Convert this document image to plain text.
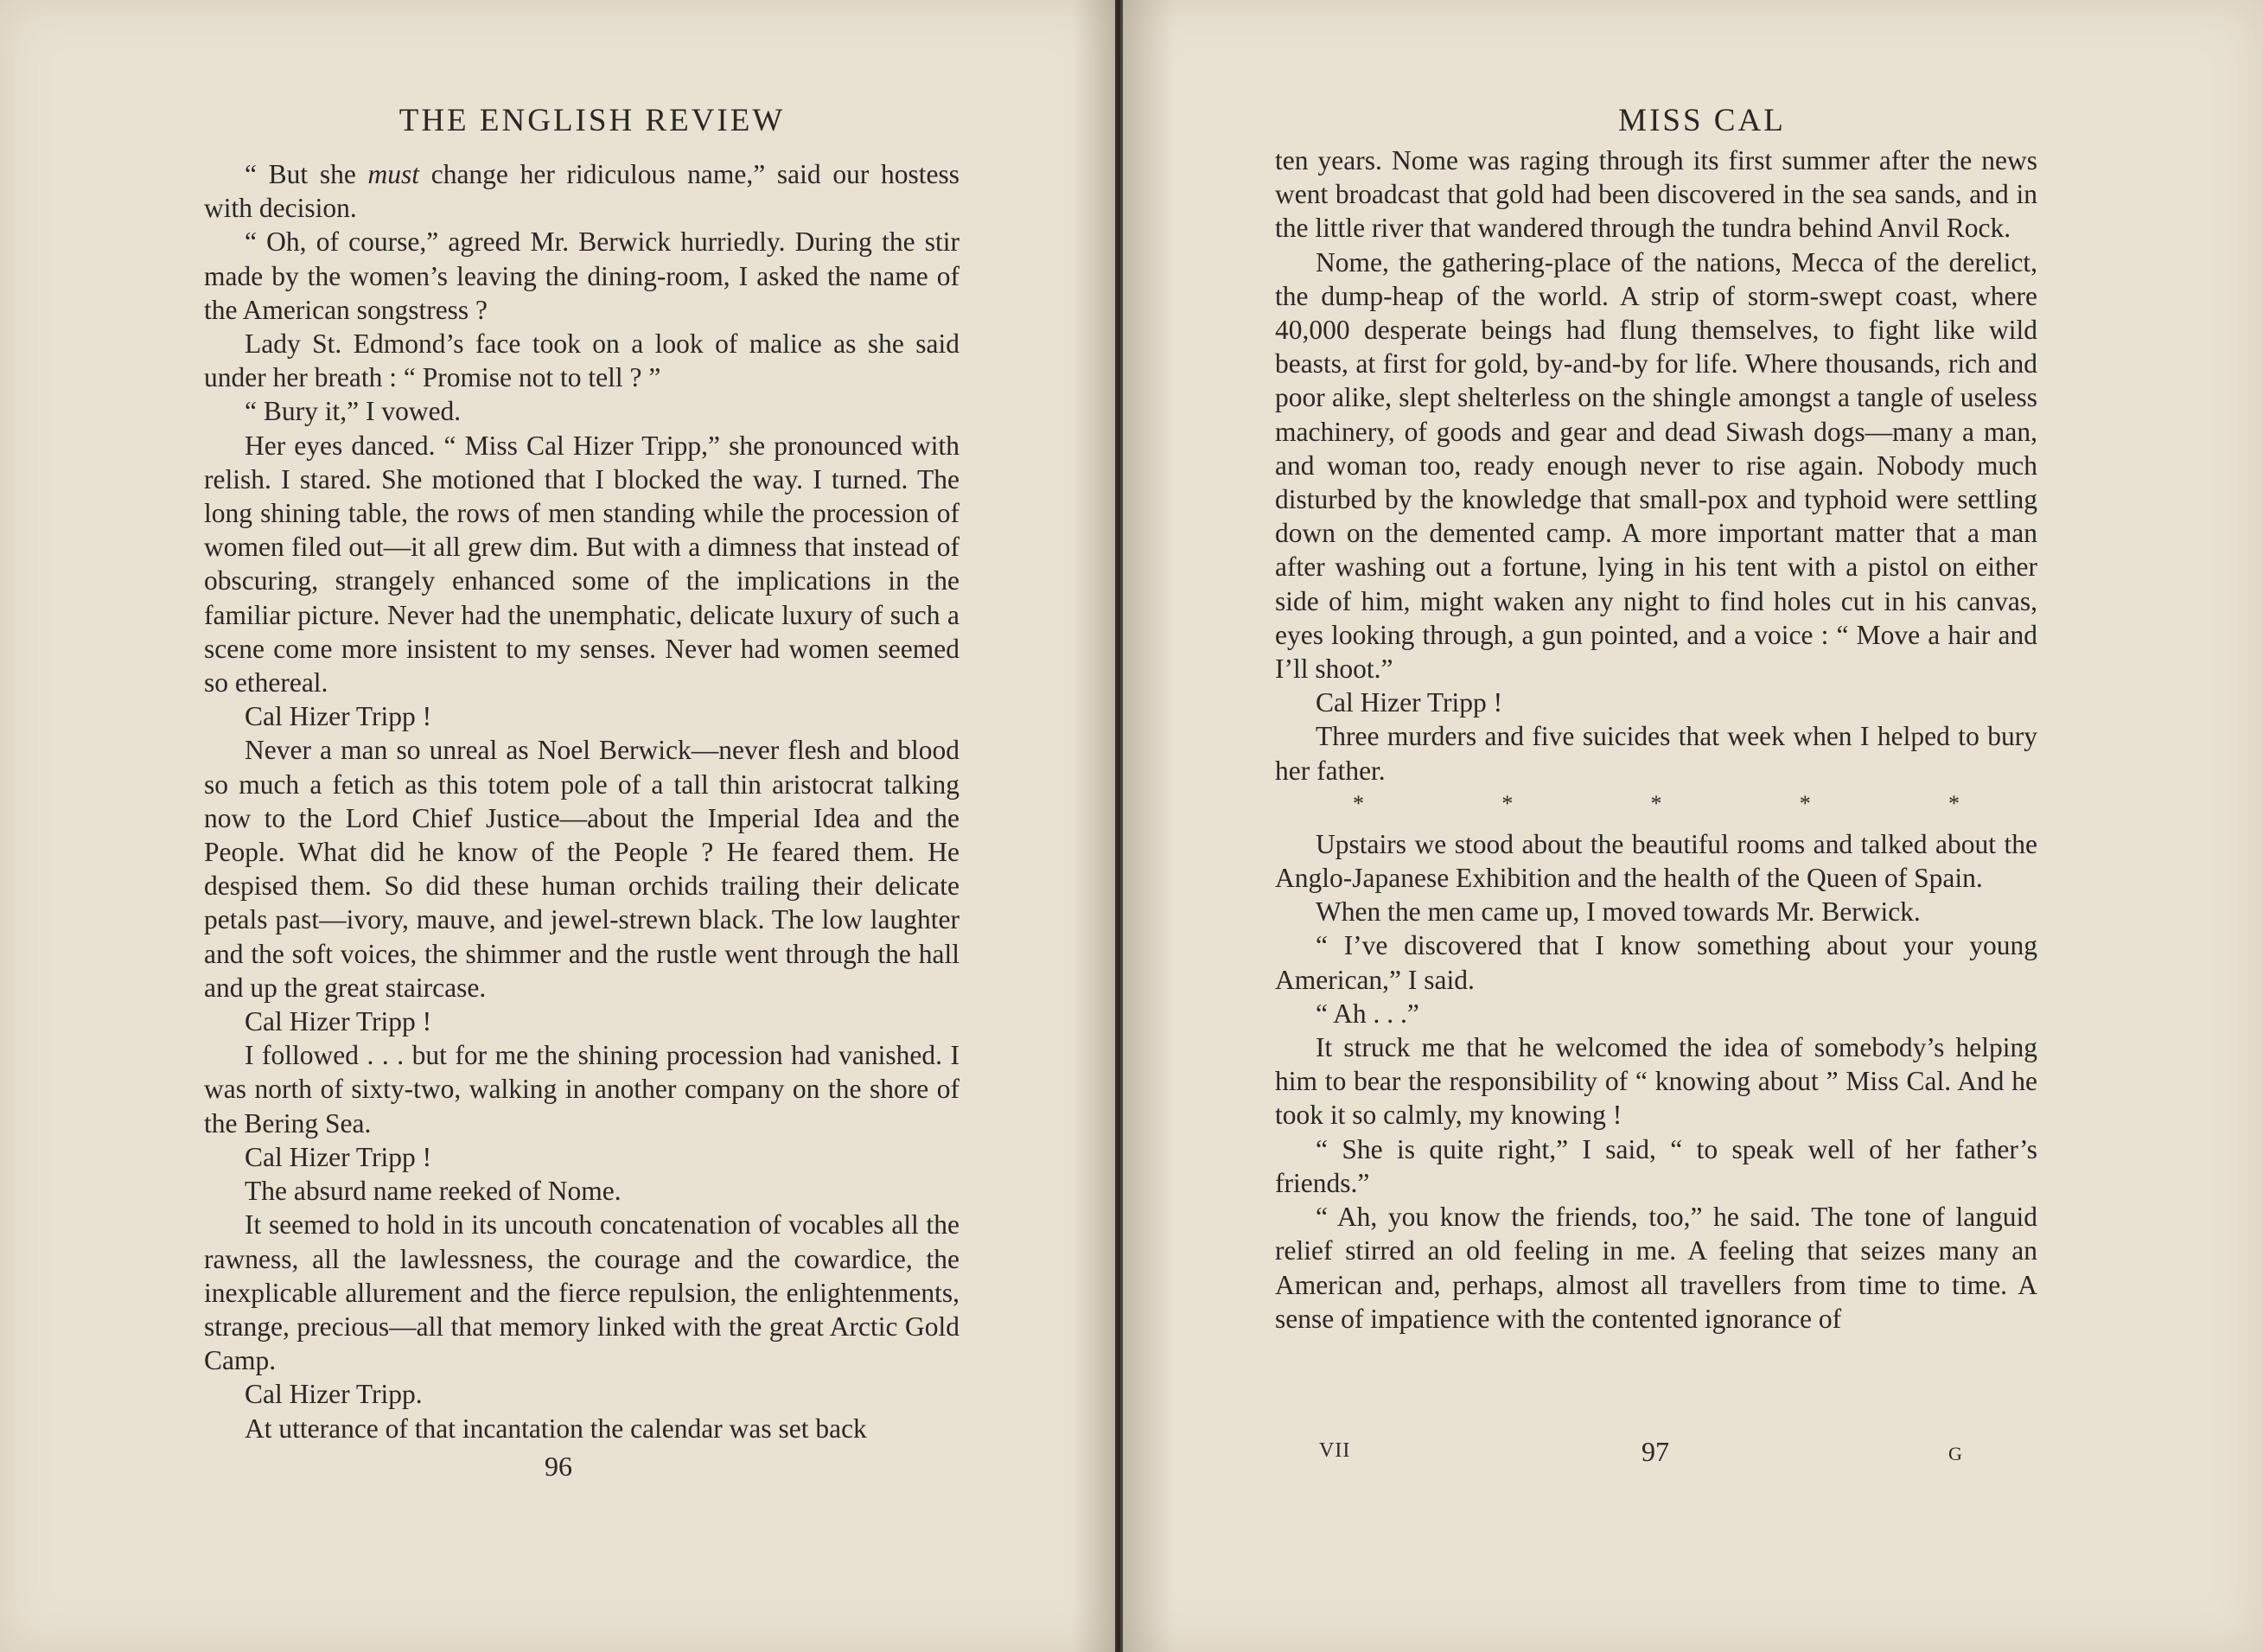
THE ENGLISH REVIEW

“ But she must change her ridiculous name,” said our hostess with decision.

“ Oh, of course,” agreed Mr. Berwick hurriedly. During the stir made by the women’s leaving the dining-room, I asked the name of the American songstress ?

Lady St. Edmond’s face took on a look of malice as she said under her breath : “ Promise not to tell ? ”

“ Bury it,” I vowed.

Her eyes danced. “ Miss Cal Hizer Tripp,” she pronounced with relish. I stared. She motioned that I blocked the way. I turned. The long shining table, the rows of men standing while the procession of women filed out—it all grew dim. But with a dimness that instead of obscuring, strangely enhanced some of the implications in the familiar picture. Never had the unemphatic, delicate luxury of such a scene come more insistent to my senses. Never had women seemed so ethereal.

Cal Hizer Tripp !

Never a man so unreal as Noel Berwick—never flesh and blood so much a fetich as this totem pole of a tall thin aristocrat talking now to the Lord Chief Justice—about the Imperial Idea and the People. What did he know of the People ? He feared them. He despised them. So did these human orchids trailing their delicate petals past—ivory, mauve, and jewel-strewn black. The low laughter and the soft voices, the shimmer and the rustle went through the hall and up the great staircase.

Cal Hizer Tripp !

I followed . . . but for me the shining procession had vanished. I was north of sixty-two, walking in another company on the shore of the Bering Sea.

Cal Hizer Tripp !

The absurd name reeked of Nome.

It seemed to hold in its uncouth concatenation of vocables all the rawness, all the lawlessness, the courage and the cowardice, the inexplicable allurement and the fierce repulsion, the enlightenments, strange, precious—all that memory linked with the great Arctic Gold Camp.

Cal Hizer Tripp.

At utterance of that incantation the calendar was set back

96
MISS CAL

ten years. Nome was raging through its first summer after the news went broadcast that gold had been discovered in the sea sands, and in the little river that wandered through the tundra behind Anvil Rock.

Nome, the gathering-place of the nations, Mecca of the derelict, the dump-heap of the world. A strip of storm-swept coast, where 40,000 desperate beings had flung themselves, to fight like wild beasts, at first for gold, by-and-by for life. Where thousands, rich and poor alike, slept shelterless on the shingle amongst a tangle of useless machinery, of goods and gear and dead Siwash dogs—many a man, and woman too, ready enough never to rise again. Nobody much disturbed by the knowledge that small-pox and typhoid were settling down on the demented camp. A more important matter that a man after washing out a fortune, lying in his tent with a pistol on either side of him, might waken any night to find holes cut in his canvas, eyes looking through, a gun pointed, and a voice : “ Move a hair and I’ll shoot.”

Cal Hizer Tripp !

Three murders and five suicides that week when I helped to bury her father.

*	*	*	*	*

Upstairs we stood about the beautiful rooms and talked about the Anglo-Japanese Exhibition and the health of the Queen of Spain.

When the men came up, I moved towards Mr. Berwick.

“ I’ve discovered that I know something about your young American,” I said.

“ Ah . . .”

It struck me that he welcomed the idea of somebody’s helping him to bear the responsibility of “ knowing about ” Miss Cal. And he took it so calmly, my knowing !

“ She is quite right,” I said, “ to speak well of her father’s friends.”

“ Ah, you know the friends, too,” he said. The tone of languid relief stirred an old feeling in me. A feeling that seizes many an American and, perhaps, almost all travellers from time to time. A sense of impatience with the contented ignorance of

VII	97	G
